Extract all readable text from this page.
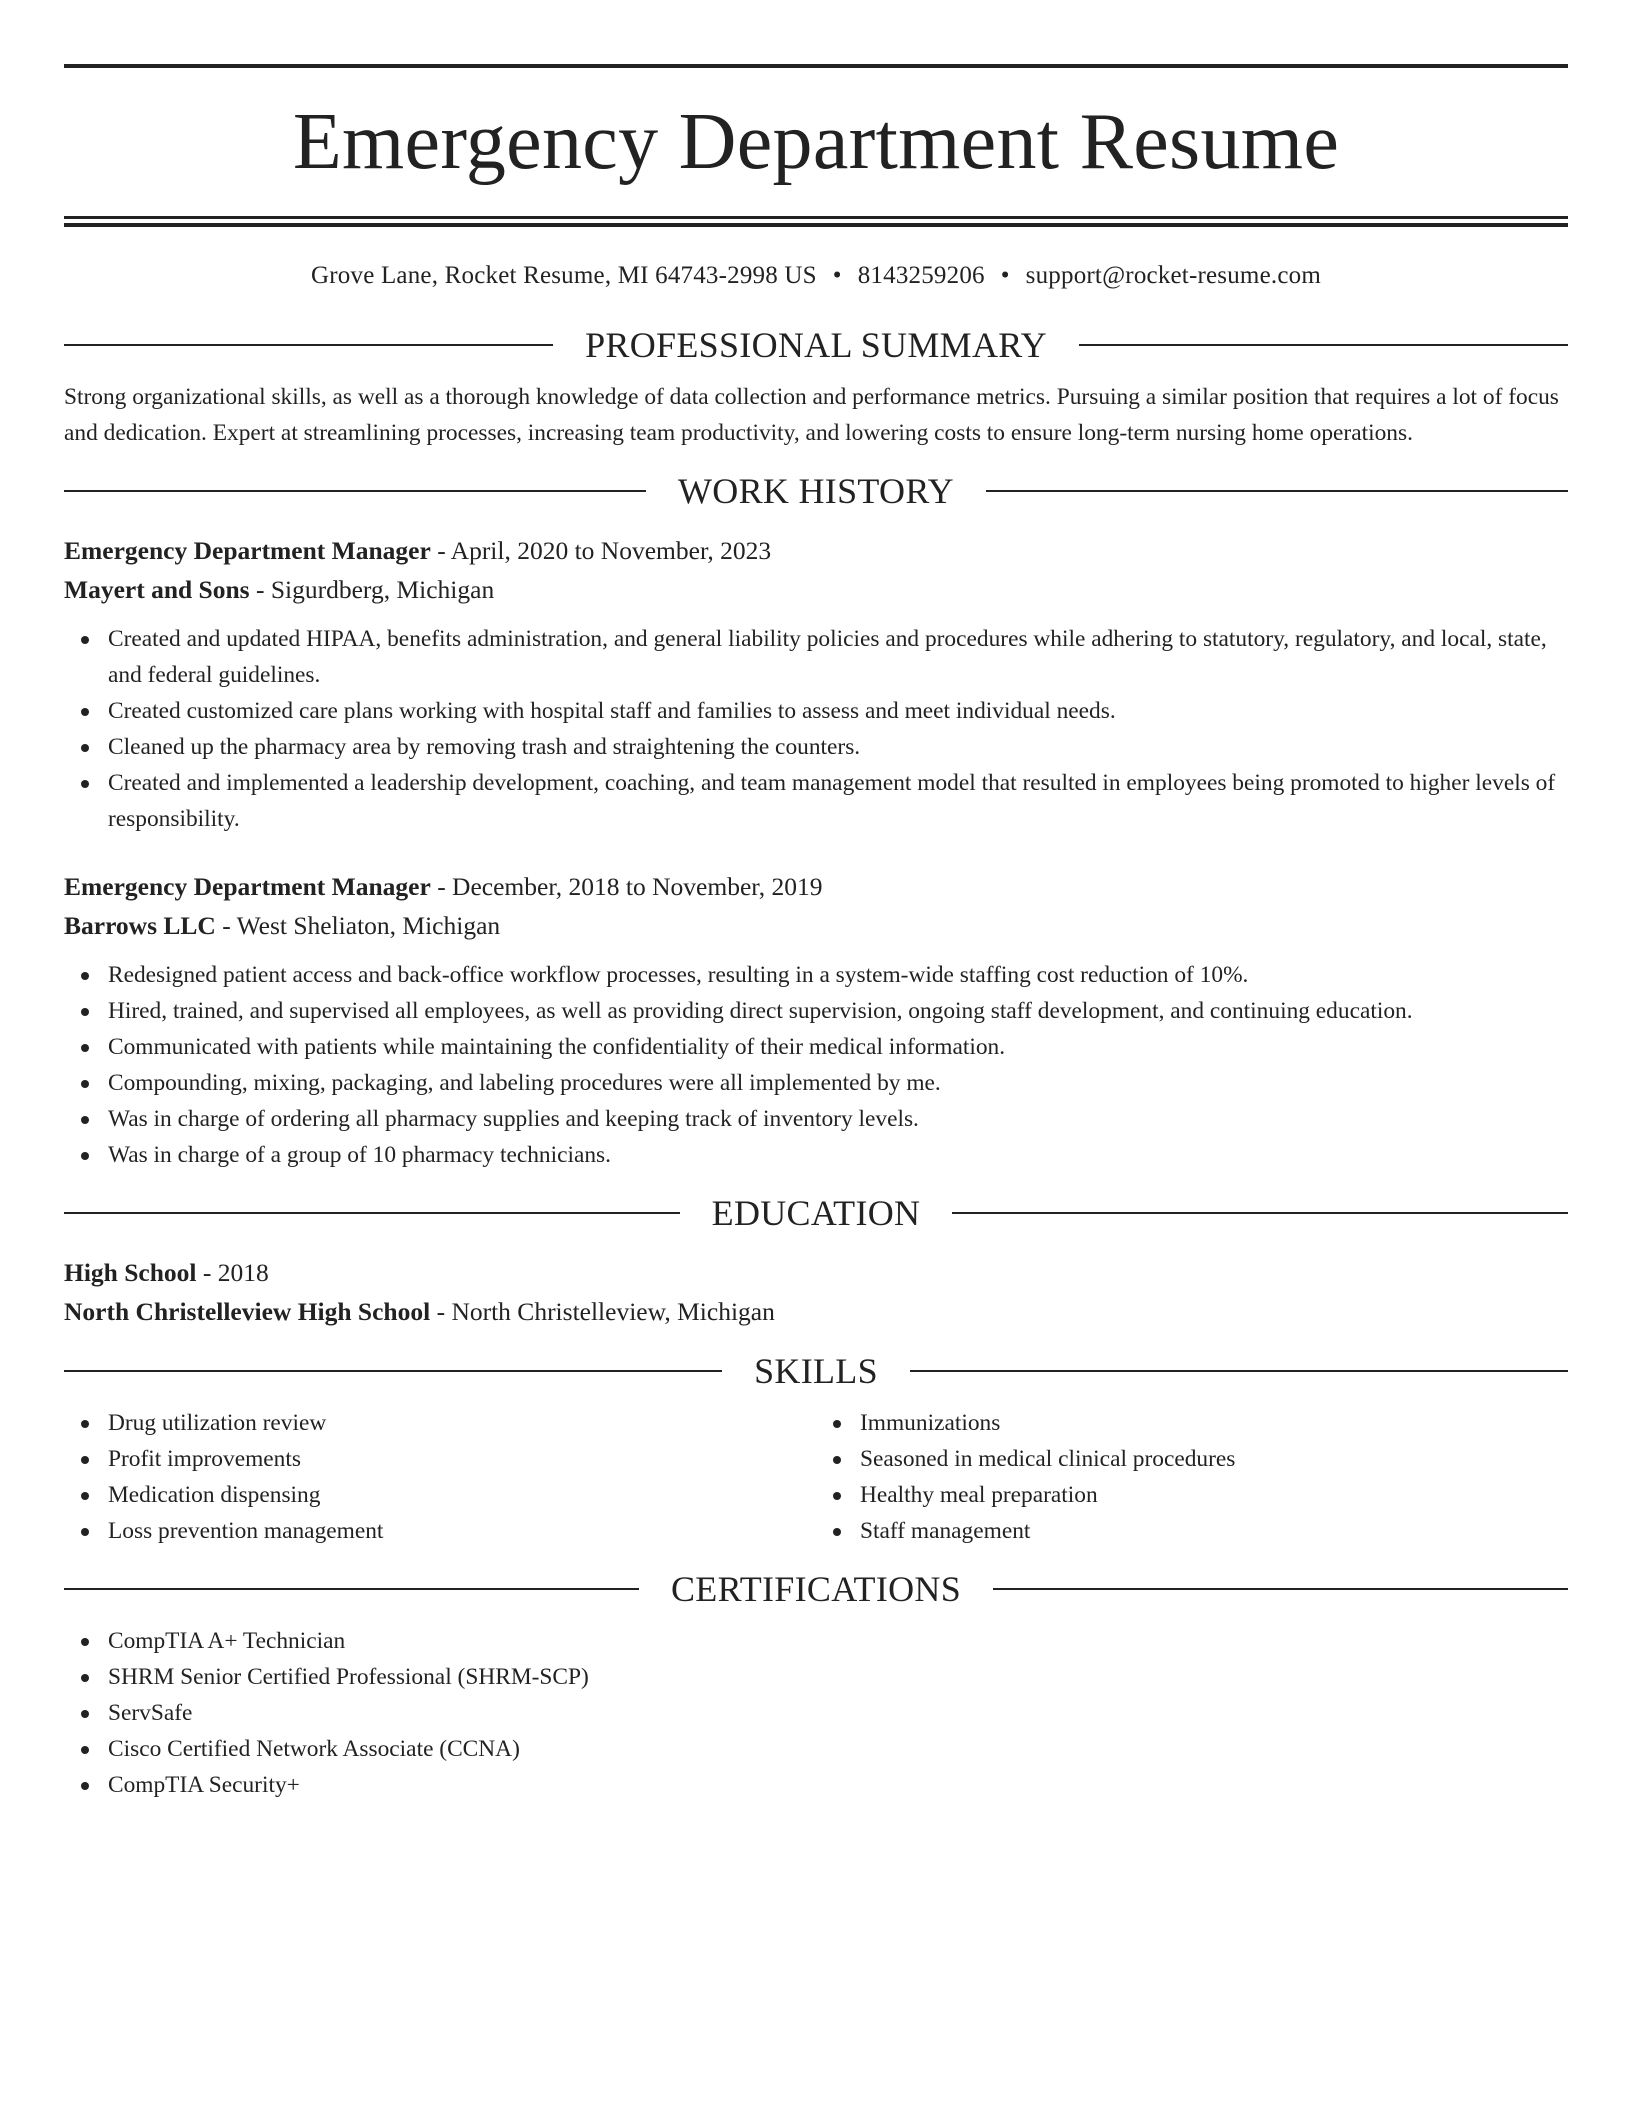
Emergency Department Resume
Grove Lane, Rocket Resume, MI 64743-2998 US • 8143259206 • support@rocket-resume.com
PROFESSIONAL SUMMARY

Strong organizational skills, as well as a thorough knowledge of data collection and performance metrics. Pursuing a similar position that requires a lot of focus and dedication. Expert at streamlining processes, increasing team productivity, and lowering costs to ensure long-term nursing home operations.

WORK HISTORY

Emergency Department Manager - April, 2020 to November, 2023

Mayert and Sons - Sigurdberg, Michigan

Created and updated HIPAA, benefits administration, and general liability policies and procedures while adhering to statutory, regulatory, and local, state, and federal guidelines.
Created customized care plans working with hospital staff and families to assess and meet individual needs.
Cleaned up the pharmacy area by removing trash and straightening the counters.
Created and implemented a leadership development, coaching, and team management model that resulted in employees being promoted to higher levels of responsibility.

Emergency Department Manager - December, 2018 to November, 2019

Barrows LLC - West Sheliaton, Michigan

Redesigned patient access and back-office workflow processes, resulting in a system-wide staffing cost reduction of 10%.
Hired, trained, and supervised all employees, as well as providing direct supervision, ongoing staff development, and continuing education.
Communicated with patients while maintaining the confidentiality of their medical information.
Compounding, mixing, packaging, and labeling procedures were all implemented by me.
Was in charge of ordering all pharmacy supplies and keeping track of inventory levels.
Was in charge of a group of 10 pharmacy technicians.
EDUCATION

High School - 2018

North Christelleview High School - North Christelleview, Michigan

SKILLS
Drug utilization review
Profit improvements
Medication dispensing
Loss prevention management
Immunizations
Seasoned in medical clinical procedures
Healthy meal preparation
Staff management
CERTIFICATIONS
CompTIA A+ Technician
SHRM Senior Certified Professional (SHRM-SCP)
ServSafe
Cisco Certified Network Associate (CCNA)
CompTIA Security+
